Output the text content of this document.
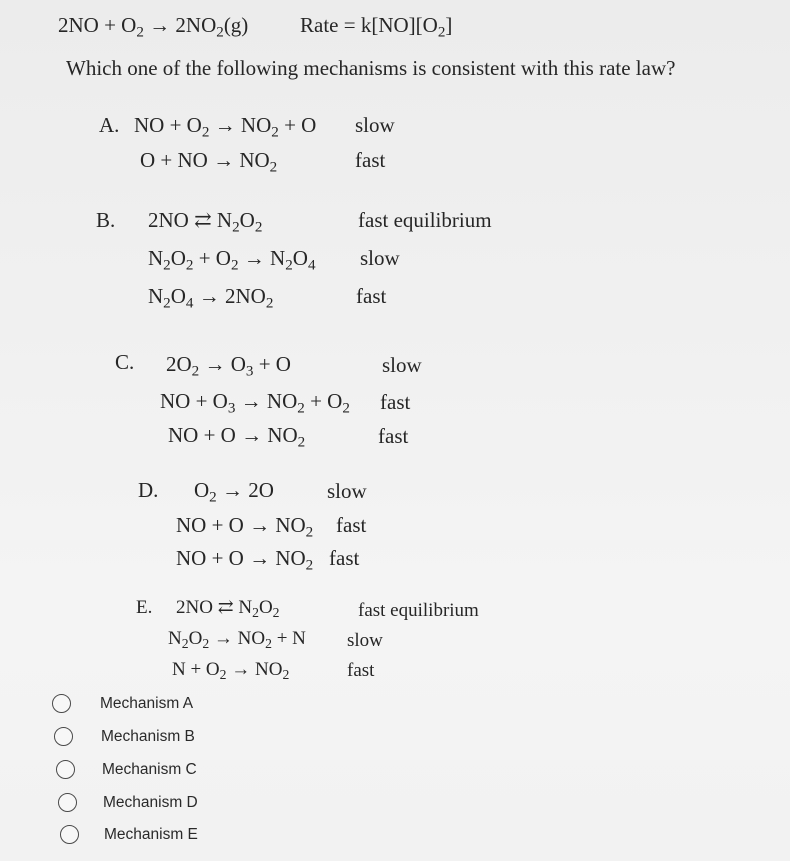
$2NO + O_2 \to 2NO_2(g)$ Rate = $k[NO][O_2]$
Which one of the following mechanisms is consistent with this rate law?
A. NO + $O_2 \to NO_2 + O$ slow
O + NO → $NO_2$	fast
B. 2NO ⇄ $N_2O_2$	fast equilibrium
$N_2O_2 + O_2 \to N_2O_4$ slow
$N_2O_4 \to 2NO_2$	fast
C. $2O_2 \to O_3 + O$	slow
NO + $O_3 \to NO_2 + O_2$ fast
NO + $O \to NO_2$	fast
D. $O_2 \to 2O$	slow
NO + $O \to NO_2$ fast
NO + $O \to NO_2$ fast
E. 2NO ⇄ $N_2O_2$	fast equilibrium
$N_2O_2 \to NO_2 + N$ slow
$N + O_2 \to NO_2$	fast
Mechanism A
Mechanism B
Mechanism C
Mechanism D
Mechanism E
